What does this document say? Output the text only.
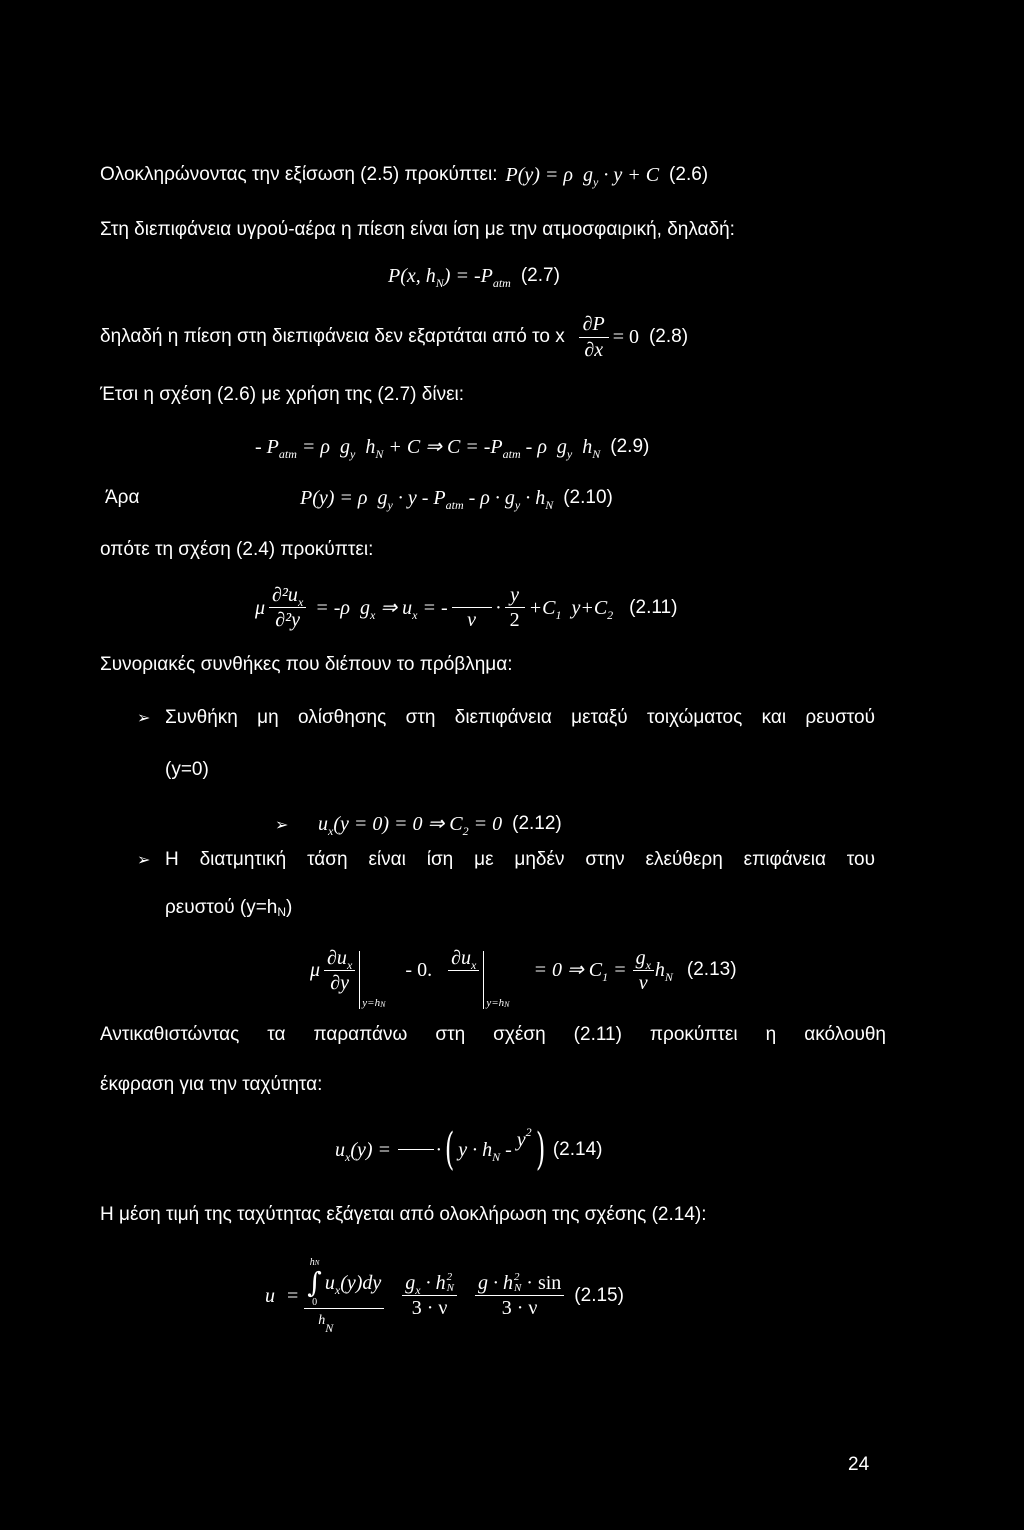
Ολοκληρώνοντας την εξίσωση (2.5) προκύπτει: P(y) = ρ  g y · y + C (2.6)
Στη διεπιφάνεια υγρού-αέρα η πίεση είναι ίση με την ατμοσφαιρική, δηλαδή:
P(x, h N ) = -P atm (2.7)
δηλαδή η πίεση στη διεπιφάνεια δεν εξαρτάται από το x $\frac{\partial P}{\partial x} = 0$ (2.8)
Έτσι η σχέση (2.6) με χρήση της (2.7) δίνει:
- P atm = ρ  g y h N + C ⇒ C = -P atm - ρ  g y h N (2.9)
Άρα	P(y) = ρ  g y · y - P atm - ρ · g y · h N (2.10)
οπότε τη σχέση (2.4) προκύπτει:
μ $\frac{\text{∂²u x}}{\text{∂²y}} = -\rho$  g x ⇒ u x = -
ν
· $\frac{y}{2} +C$ 1 y+C 2 (2.11)
Συνοριακές συνθήκες που διέπουν το πρόβλημα:
➢ Συνθήκη μη ολίσθησης στη διεπιφάνεια μεταξύ τοιχώματος και ρευστού
(y=0)
➢ u x (y = 0) = 0 ⇒ C 2 = 0 (2.12)
➢ Η διατμητική τάση είναι ίση με μηδέν στην ελεύθερη επιφάνεια του
ρευστού (y=h N )
μ $\frac{\text{∂u x}}{\partial y}$
y=h N
- 0.
∂u x
y=h N
= 0 ⇒ C $1 = \frac{\text{g x}}{\nu}$ h N (2.13)
Αντικαθιστώντας τα παραπάνω στη σχέση (2.11) προκύπτει η ακόλουθη
έκφραση για την ταχύτητα:
u x (y) = · ( y · h N - y 2 ) (2.14)
Η μέση τιμή της ταχύτητας εξάγεται από ολοκλήρωση της σχέσης (2.14):
u =
hN
∫
0
u x (y)dy
h N
g x · h 2
N
3 · ν g · h 2
N · sin
3 · ν
(2.15)
24
